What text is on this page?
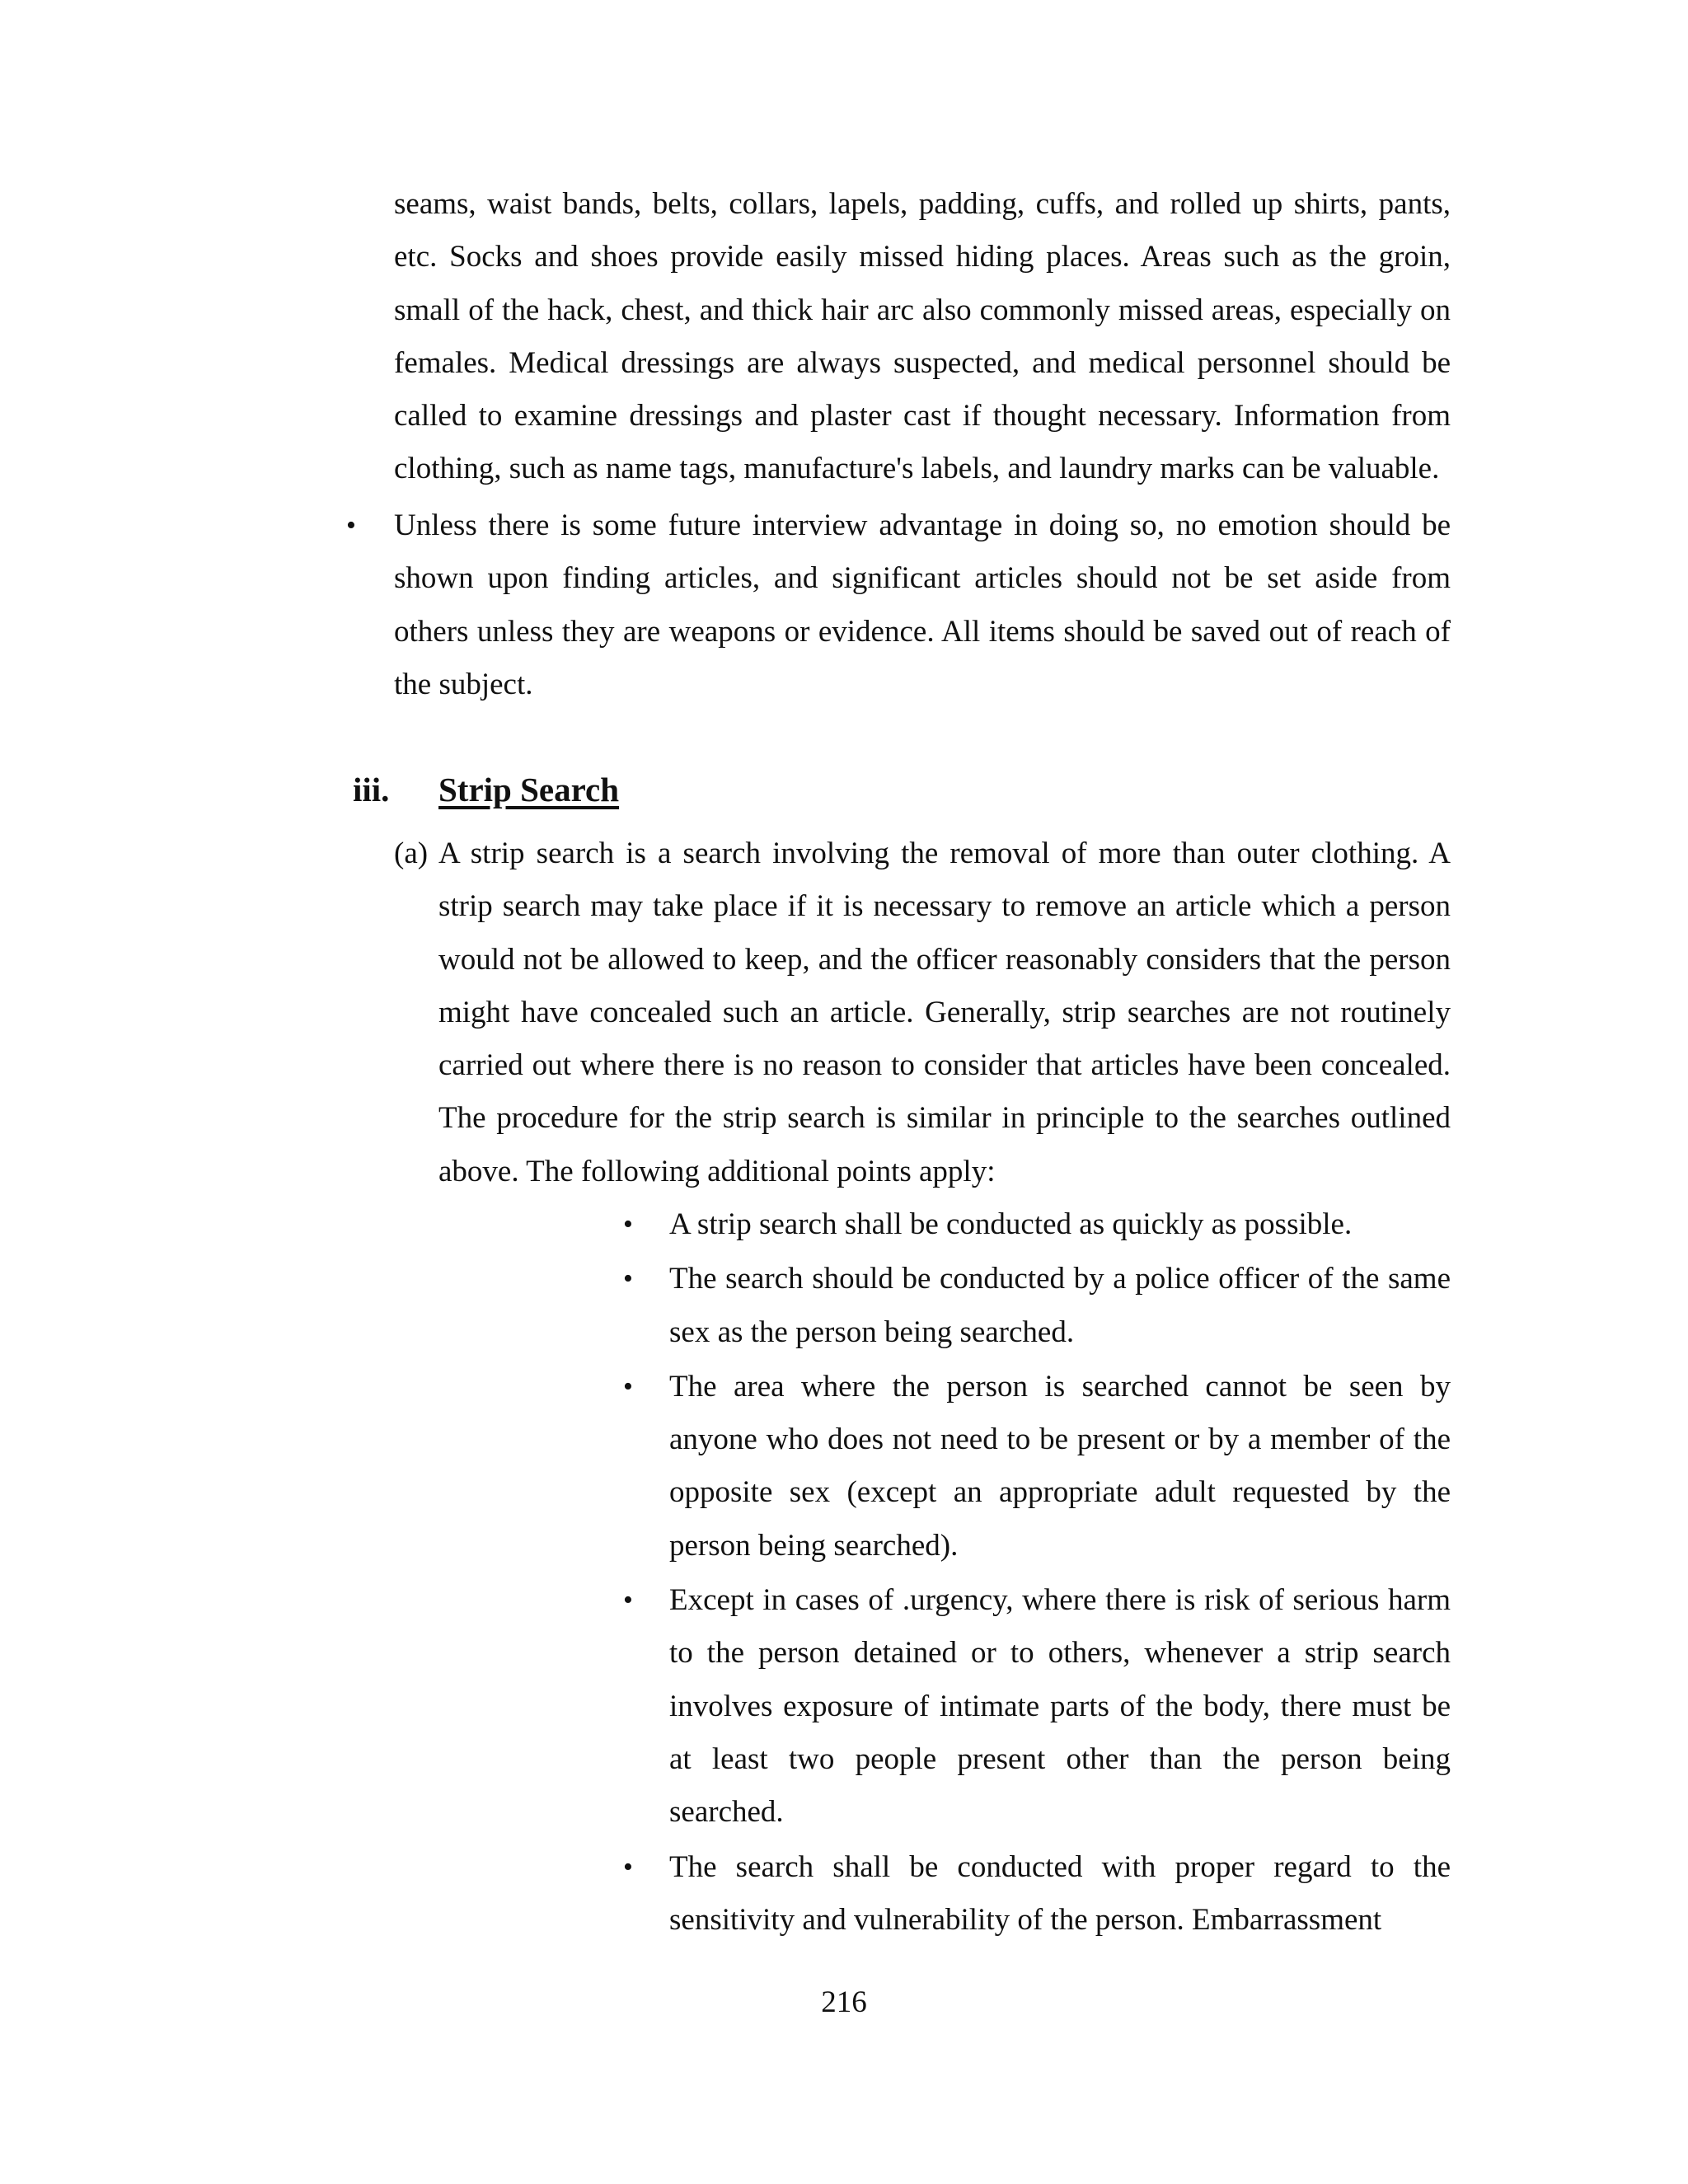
seams, waist bands, belts, collars, lapels, padding, cuffs, and rolled up shirts, pants, etc. Socks and shoes provide easily missed hiding places. Areas such as the groin, small of the hack, chest, and thick hair arc also commonly missed areas, especially on females. Medical dressings are always suspected, and medical personnel should be called to examine dressings and plaster cast if thought necessary. Information from clothing, such as name tags, manufacture's labels, and laundry marks can be valuable.

• Unless there is some future interview advantage in doing so, no emotion should be shown upon finding articles, and significant articles should not be set aside from others unless they are weapons or evidence. All items should be saved out of reach of the subject.

iii. Strip Search
(a) A strip search is a search involving the removal of more than outer clothing. A strip search may take place if it is necessary to remove an article which a person would not be allowed to keep, and the officer reasonably considers that the person might have concealed such an article. Generally, strip searches are not routinely carried out where there is no reason to consider that articles have been concealed. The procedure for the strip search is similar in principle to the searches outlined above. The following additional points apply:

• A strip search shall be conducted as quickly as possible.
• The search should be conducted by a police officer of the same sex as the person being searched.
• The area where the person is searched cannot be seen by anyone who does not need to be present or by a member of the opposite sex (except an appropriate adult requested by the person being searched).
• Except in cases of .urgency, where there is risk of serious harm to the person detained or to others, whenever a strip search involves exposure of intimate parts of the body, there must be at least two people present other than the person being searched.
• The search shall be conducted with proper regard to the sensitivity and vulnerability of the person. Embarrassment
216
